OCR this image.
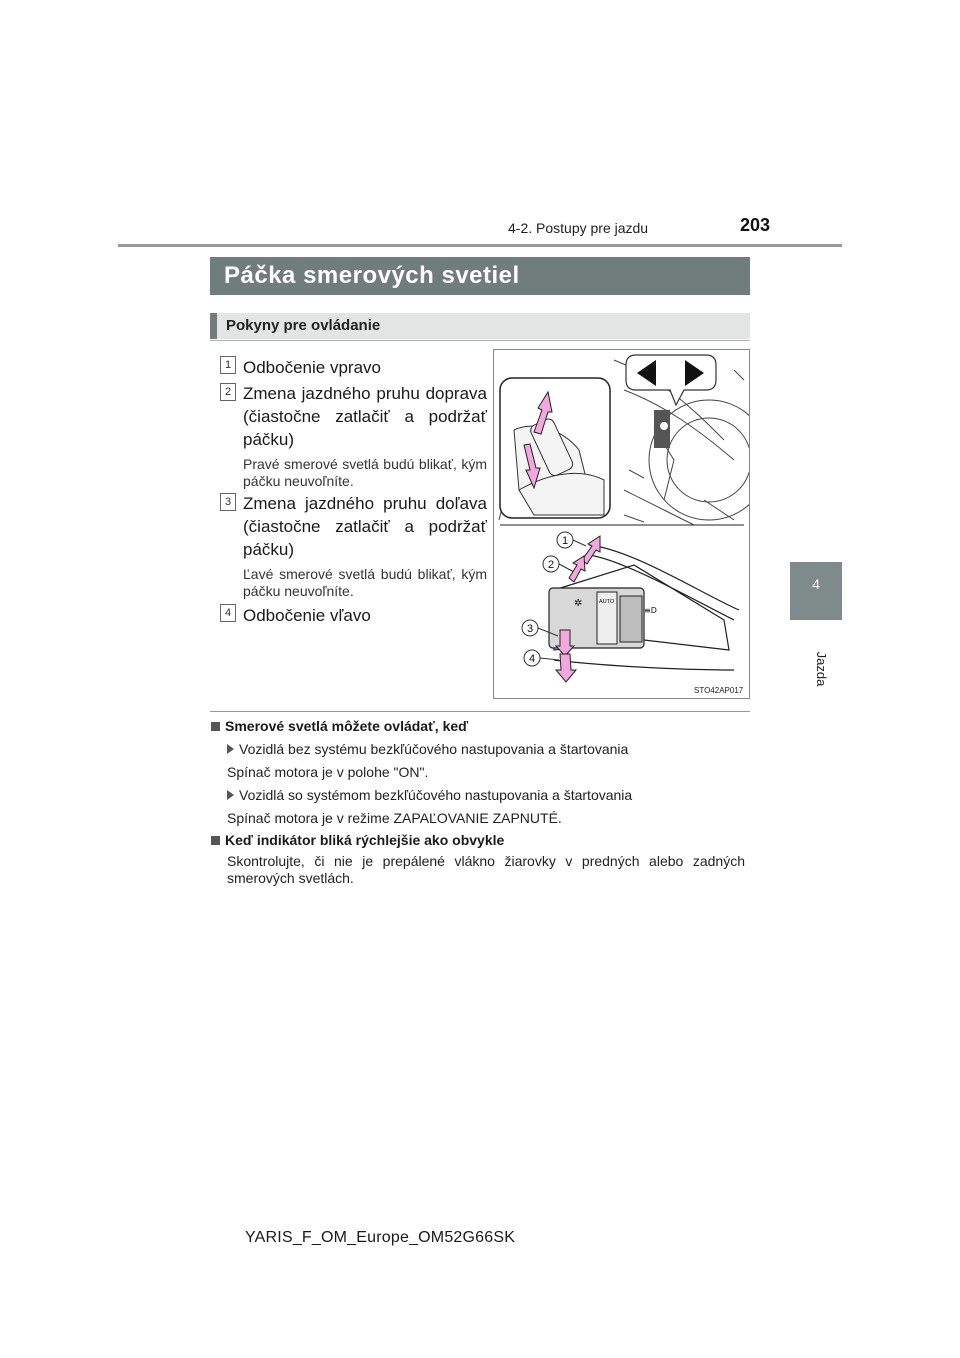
4-2. Postupy pre jazdu	203
4
Jazda
Páčka smerových svetiel
Pokyny pre ovládanie
1 Odbočenie vpravo
2 Zmena jazdného pruhu doprava (čiastočne zatlačiť a podržať páčku)
Pravé smerové svetlá budú blikať, kým páčku neuvoľníte.
3 Zmena jazdného pruhu doľava (čiastočne zatlačiť a podržať páčku)
Ľavé smerové svetlá budú blikať, kým páčku neuvoľníte.
4 Odbočenie vľavo
AUTO
✲
≡D
1
2
3
4
STO42AP017
Smerové svetlá môžete ovládať, keď
Vozidlá bez systému bezkľúčového nastupovania a štartovania
Spínač motora je v polohe "ON".
Vozidlá so systémom bezkľúčového nastupovania a štartovania
Spínač motora je v režime ZAPAĽOVANIE ZAPNUTÉ.
Keď indikátor bliká rýchlejšie ako obvykle
Skontrolujte, či nie je prepálené vlákno žiarovky v predných alebo zadných smerových svetlách.
YARIS_F_OM_Europe_OM52G66SK
